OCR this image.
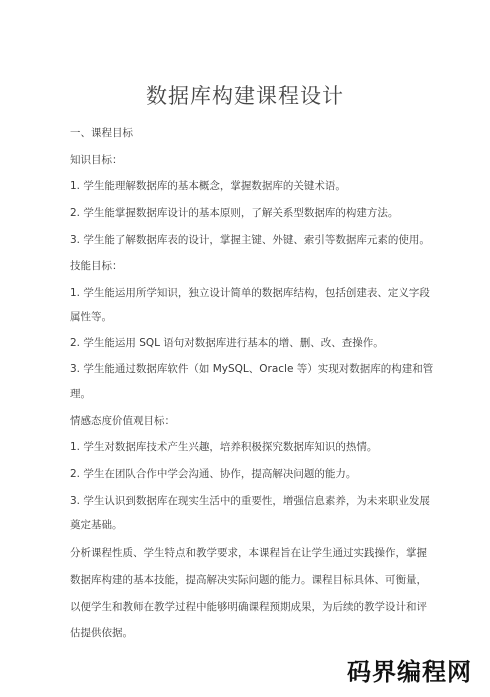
数据库构建课程设计
一、课程目标
知识目标：
1. 学生能理解数据库的基本概念，掌握数据库的关键术语。
2. 学生能掌握数据库设计的基本原则，了解关系型数据库的构建方法。
3. 学生能了解数据库表的设计，掌握主键、外键、索引等数据库元素的使用。
技能目标：
1. 学生能运用所学知识，独立设计简单的数据库结构，包括创建表、定义字段
属性等。
2. 学生能运用 SQL 语句对数据库进行基本的增、删、改、查操作。
3. 学生能通过数据库软件（如 MySQL、Oracle 等）实现对数据库的构建和管
理。
情感态度价值观目标：
1. 学生对数据库技术产生兴趣，培养积极探究数据库知识的热情。
2. 学生在团队合作中学会沟通、协作，提高解决问题的能力。
3. 学生认识到数据库在现实生活中的重要性，增强信息素养，为未来职业发展
奠定基础。
分析课程性质、学生特点和教学要求，本课程旨在让学生通过实践操作，掌握
数据库构建的基本技能，提高解决实际问题的能力。课程目标具体、可衡量，
以便学生和教师在教学过程中能够明确课程预期成果，为后续的教学设计和评
估提供依据。
码界编程网
